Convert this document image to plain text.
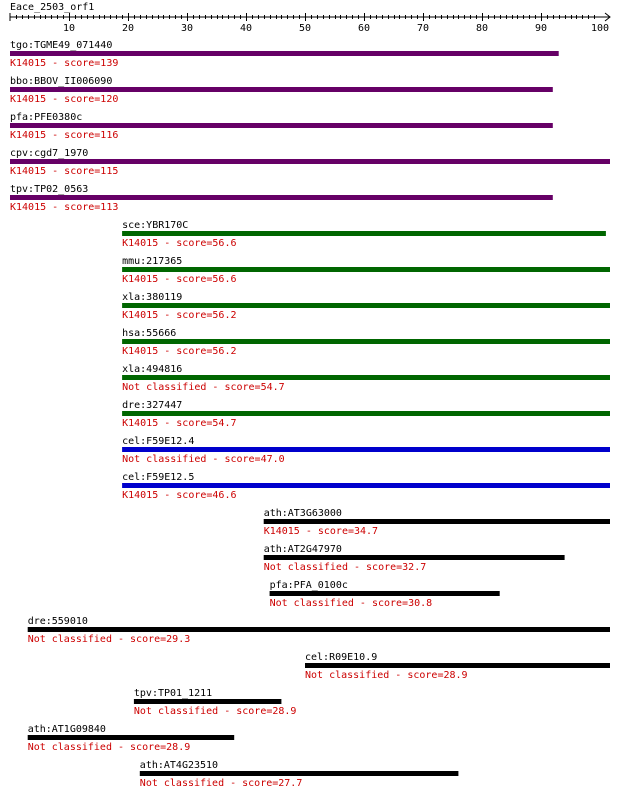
Eace_2503_orf1
10	20	30	40	50	60	70	80	90	100
tgo:TGME49_071440
K14015 - score=139
bbo:BBOV_II006090
K14015 - score=120
pfa:PFE0380c
K14015 - score=116
cpv:cgd7_1970
K14015 - score=115
tpv:TP02_0563
K14015 - score=113
sce:YBR170C
K14015 - score=56.6
mmu:217365
K14015 - score=56.6
xla:380119
K14015 - score=56.2
hsa:55666
K14015 - score=56.2
xla:494816
Not classified - score=54.7
dre:327447
K14015 - score=54.7
cel:F59E12.4
Not classified - score=47.0
cel:F59E12.5
K14015 - score=46.6
ath:AT3G63000
K14015 - score=34.7
ath:AT2G47970
Not classified - score=32.7
pfa:PFA_0100c
Not classified - score=30.8
dre:559010
Not classified - score=29.3
cel:R09E10.9
Not classified - score=28.9
tpv:TP01_1211
Not classified - score=28.9
ath:AT1G09840
Not classified - score=28.9
ath:AT4G23510
Not classified - score=27.7
